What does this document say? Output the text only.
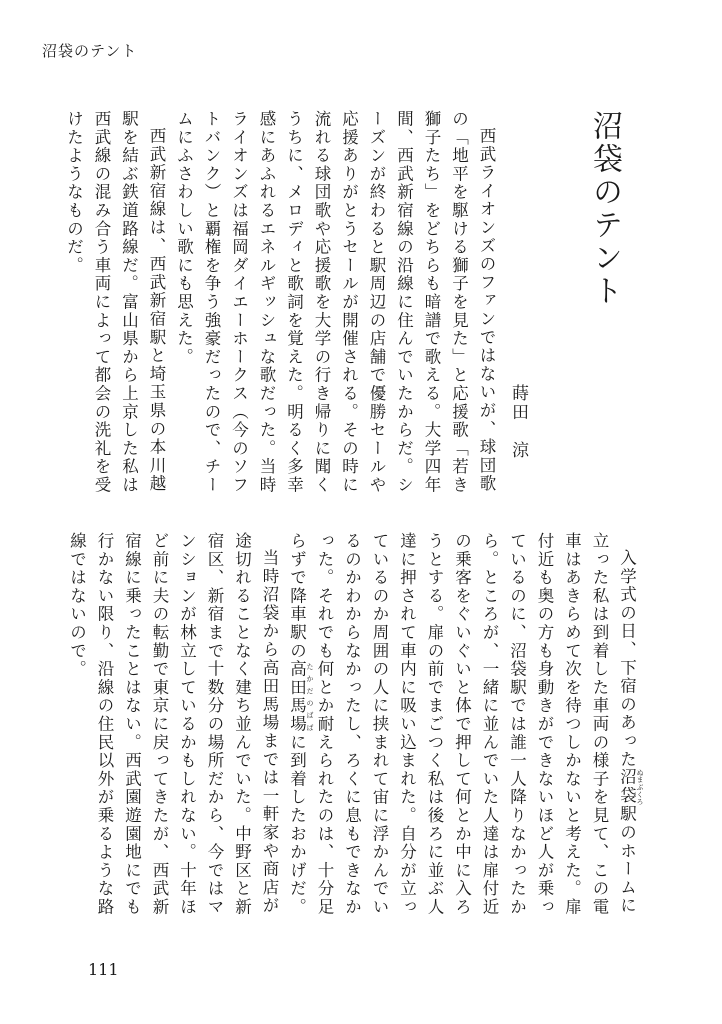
沼袋のテント
沼袋のテント
蒔田　涼

西武ライオンズのファンではないが、球団歌の「地平を駆ける獅子を見た」と応援歌「若き獅子たち」をどちらも暗譜で歌える。大学四年間、西武新宿線の沿線に住んでいたからだ。シーズンが終わると駅周辺の店舗で優勝セールや応援ありがとうセールが開催される。その時に流れる球団歌や応援歌を大学の行き帰りに聞くうちに、メロディと歌詞を覚えた。明るく多幸感にあふれるエネルギッシュな歌だった。当時ライオンズは福岡ダイエーホークス（今のソフトバンク）と覇権を争う強豪だったので、チームにふさわしい歌にも思えた。

西武新宿線は、西武新宿駅と埼玉県の本川越駅を結ぶ鉄道路線だ。富山県から上京した私は西武線の混み合う車両によって都会の洗礼を受けたようなものだ。

入学式の日、下宿のあった沼袋 ぬまぶくろ駅のホームに立った私は到着した車両の様子を見て、この電車はあきらめて次を待つしかないと考えた。扉付近も奥の方も身動きができないほど人が乗っているのに、沼袋駅では誰一人降りなかったから。ところが、一緒に並んでいた人達は扉付近の乗客をぐいぐいと体で押して何とか中に入ろうとする。扉の前でまごつく私は後ろに並ぶ人達に押されて車内に吸い込まれた。自分が立っているのか周囲の人に挟まれて宙に浮かんでいるのかわからなかったし、ろくに息もできなかった。それでも何とか耐えられたのは、十分足らずで降車駅の高田馬場 たかだのばばに到着したおかげだ。

当時沼袋から高田馬場までは一軒家や商店が途切れることなく建ち並んでいた。中野区と新宿区、新宿まで十数分の場所だから、今ではマンションが林立しているかもしれない。十年ほど前に夫の転勤で東京に戻ってきたが、西武新宿線に乗ったことはない。西武園遊園地にでも行かない限り、沿線の住民以外が乗るような路線ではないので。

111
